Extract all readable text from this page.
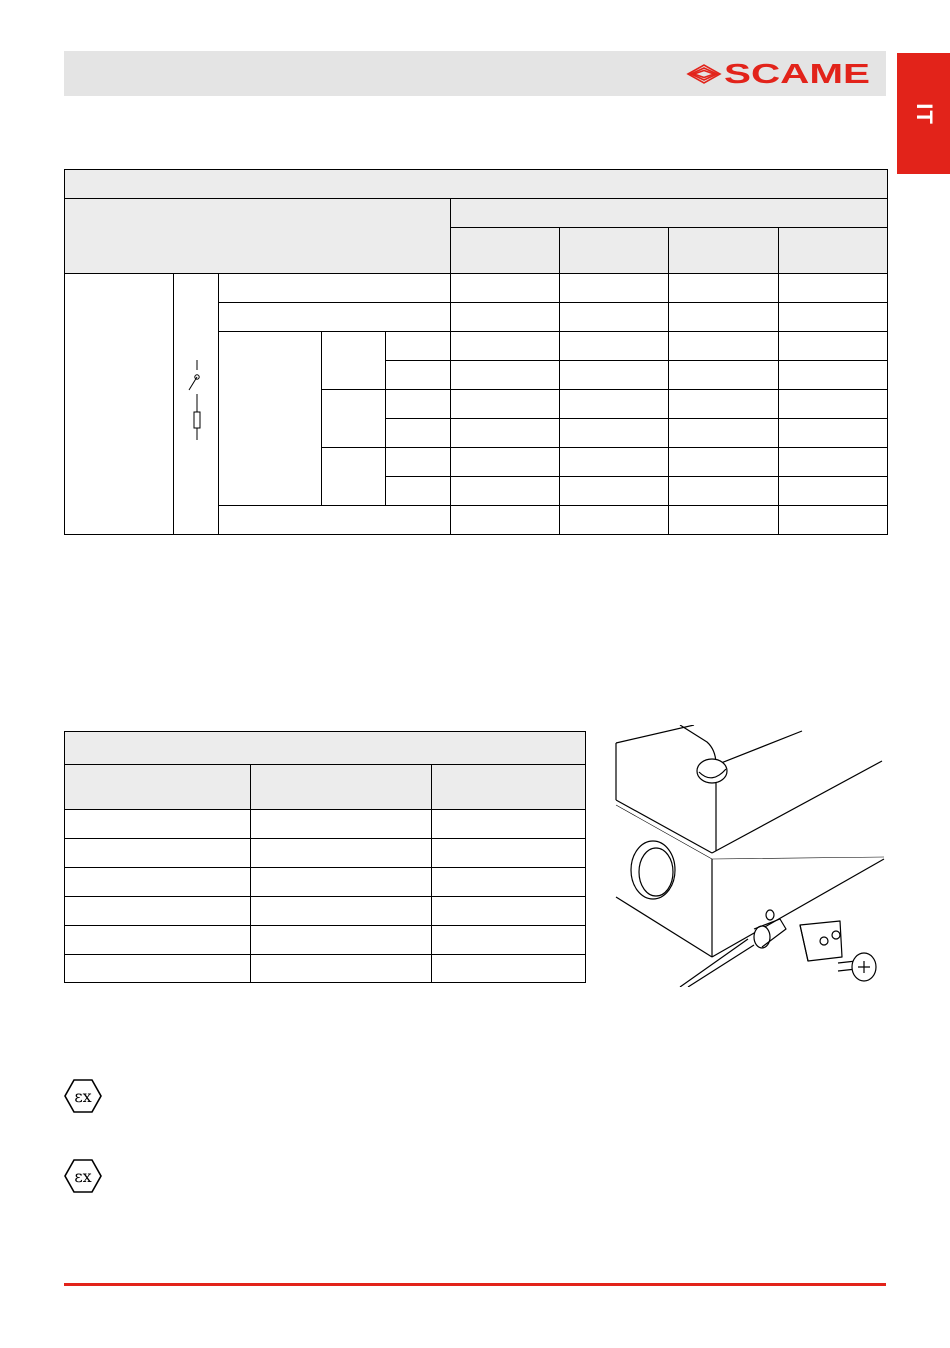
SCAME
IT

εx
εx
